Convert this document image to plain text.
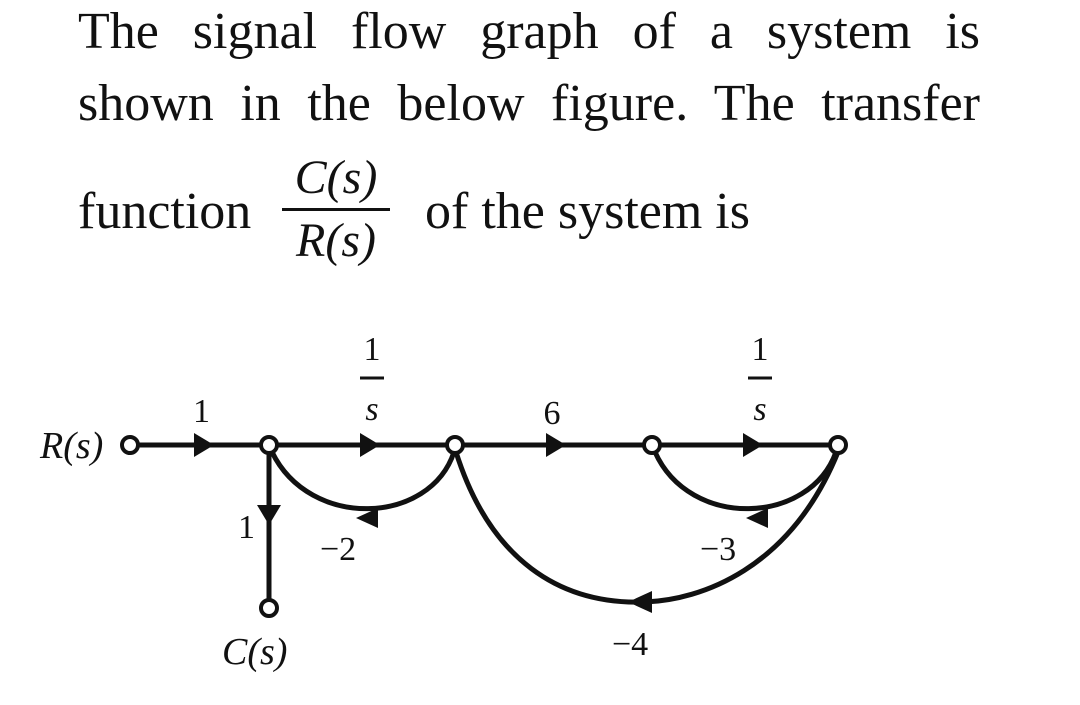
The signal flow graph of a system is
shown in the below figure. The transfer
function
C(s)
R(s)
of the system is
R(s)
C(s)
1
1
s	6
1
s
1
−2	−3
−4
